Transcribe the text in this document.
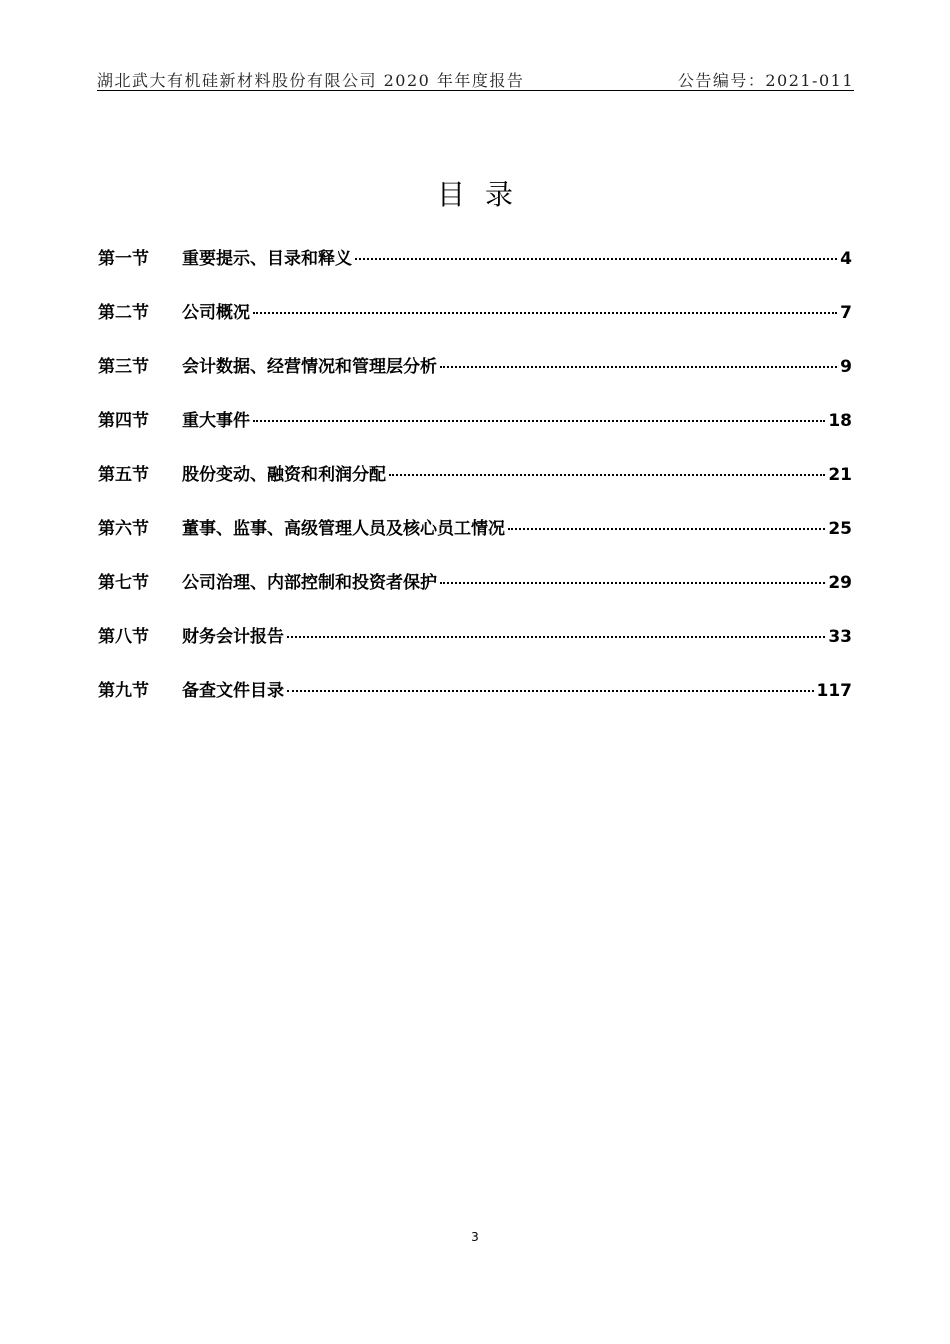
湖北武大有机硅新材料股份有限公司 2020 年年度报告	公告编号：2021-011
目录
第一节	重要提示、目录和释义	4
第二节	公司概况	7
第三节	会计数据、经营情况和管理层分析	9
第四节	重大事件	18
第五节	股份变动、融资和利润分配	21
第六节	董事、监事、高级管理人员及核心员工情况	25
第七节	公司治理、内部控制和投资者保护	29
第八节	财务会计报告	33
第九节	备查文件目录	117
3
